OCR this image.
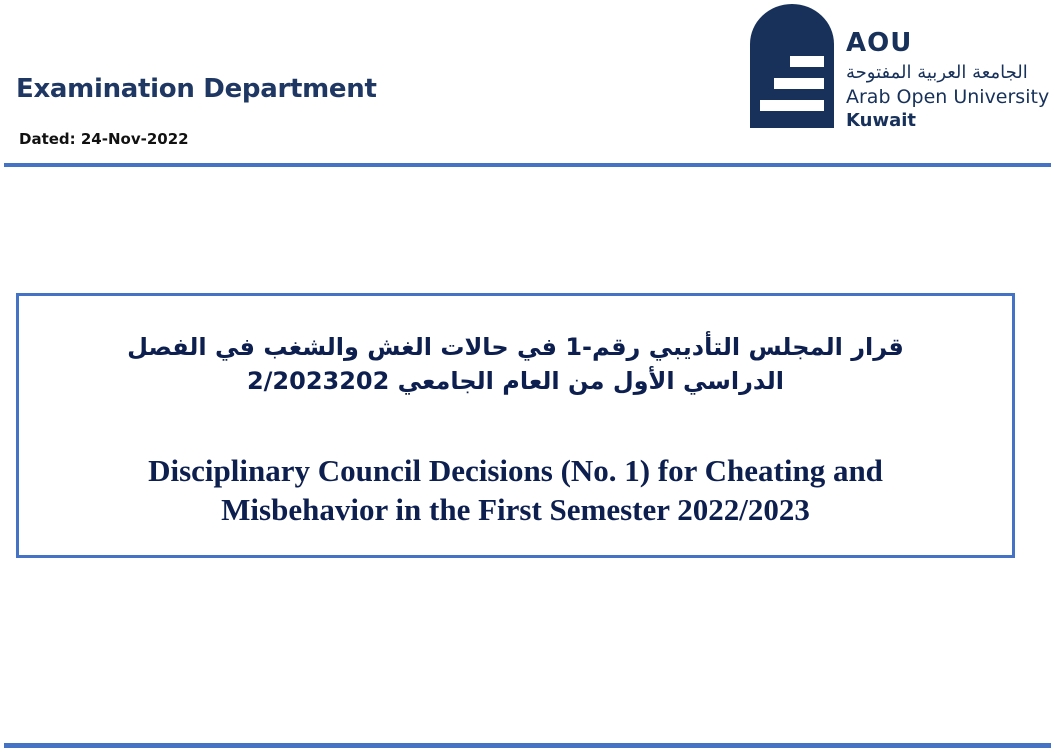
Examination Department
Dated: 24-Nov-2022
AOU
الجامعة العربية المفتوحة
Arab Open University
Kuwait
قرار المجلس التأديبي رقم-1 في حالات الغش والشغب في الفصل
الدراسي الأول من العام الجامعي 2/2023202
Disciplinary Council Decisions (No. 1) for Cheating and
Misbehavior in the First Semester 2022/2023
